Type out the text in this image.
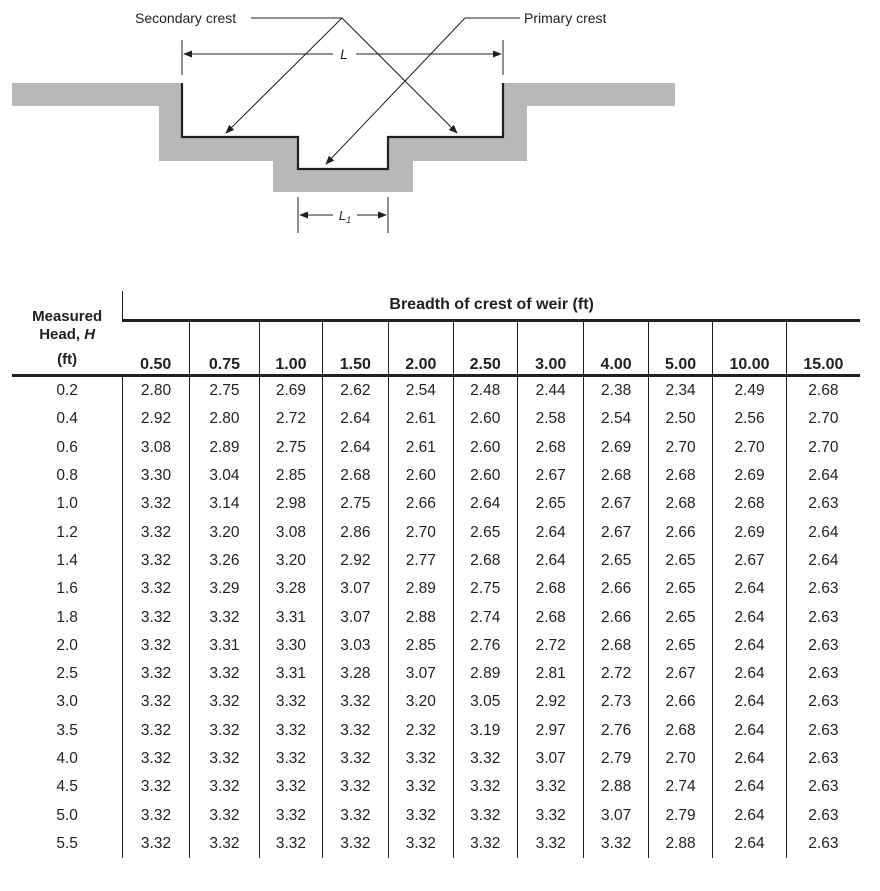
L
$L_1$
Secondary crest	Primary crest
Measured
Head, H
(ft)	Breadth of crest of weir (ft)										
	0.50	0.75	1.00	1.50	2.00	2.50	3.00	4.00	5.00	10.00	15.00
0.2	2.80	2.75	2.69	2.62	2.54	2.48	2.44	2.38	2.34	2.49	2.68
0.4	2.92	2.80	2.72	2.64	2.61	2.60	2.58	2.54	2.50	2.56	2.70
0.6	3.08	2.89	2.75	2.64	2.61	2.60	2.68	2.69	2.70	2.70	2.70
0.8	3.30	3.04	2.85	2.68	2.60	2.60	2.67	2.68	2.68	2.69	2.64
1.0	3.32	3.14	2.98	2.75	2.66	2.64	2.65	2.67	2.68	2.68	2.63
1.2	3.32	3.20	3.08	2.86	2.70	2.65	2.64	2.67	2.66	2.69	2.64
1.4	3.32	3.26	3.20	2.92	2.77	2.68	2.64	2.65	2.65	2.67	2.64
1.6	3.32	3.29	3.28	3.07	2.89	2.75	2.68	2.66	2.65	2.64	2.63
1.8	3.32	3.32	3.31	3.07	2.88	2.74	2.68	2.66	2.65	2.64	2.63
2.0	3.32	3.31	3.30	3.03	2.85	2.76	2.72	2.68	2.65	2.64	2.63
2.5	3.32	3.32	3.31	3.28	3.07	2.89	2.81	2.72	2.67	2.64	2.63
3.0	3.32	3.32	3.32	3.32	3.20	3.05	2.92	2.73	2.66	2.64	2.63
3.5	3.32	3.32	3.32	3.32	2.32	3.19	2.97	2.76	2.68	2.64	2.63
4.0	3.32	3.32	3.32	3.32	3.32	3.32	3.07	2.79	2.70	2.64	2.63
4.5	3.32	3.32	3.32	3.32	3.32	3.32	3.32	2.88	2.74	2.64	2.63
5.0	3.32	3.32	3.32	3.32	3.32	3.32	3.32	3.07	2.79	2.64	2.63
5.5	3.32	3.32	3.32	3.32	3.32	3.32	3.32	3.32	2.88	2.64	2.63
